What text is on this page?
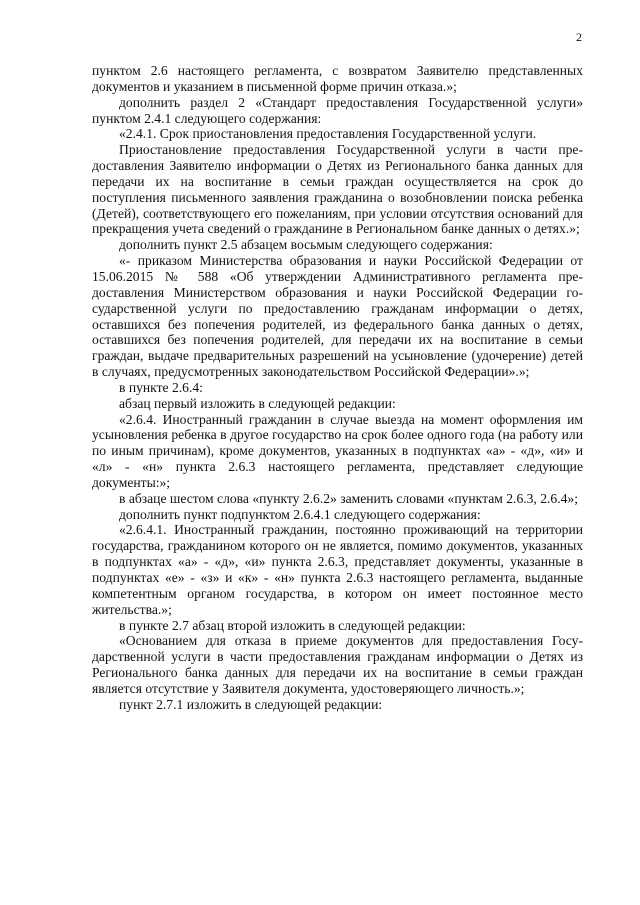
2

пунктом 2.6 настоящего регламента, с возвратом Заявителю представленных документов и указанием в письменной форме причин отказа.»;

дополнить раздел 2 «Стандарт предоставления Государственной услуги» пунктом 2.4.1 следующего содержания:

«2.4.1. Срок приостановления предоставления Государственной услуги.

Приостановление предоставления Государственной услуги в части предоставления Заявителю информации о Детях из Регионального банка данных для передачи их на воспитание в семьи граждан осуществляется на срок до поступления письменного заявления гражданина о возобновлении поиска ребенка (Детей), соответствующего его пожеланиям, при условии отсутствия оснований для прекращения учета сведений о гражданине в Региональном банке данных о детях.»;

дополнить пункт 2.5 абзацем восьмым следующего содержания:

«- приказом Министерства образования и науки Российской Федерации от 15.06.2015 № 588 «Об утверждении Административного регламента предоставления Министерством образования и науки Российской Федерации государственной услуги по предоставлению гражданам информации о детях, оставшихся без попечения родителей, из федерального банка данных о детях, оставшихся без попечения родителей, для передачи их на воспитание в семьи граждан, выдаче предварительных разрешений на усыновление (удочерение) детей в случаях, предусмотренных законодательством Российской Федерации».»;

в пункте 2.6.4:

абзац первый изложить в следующей редакции:

«2.6.4. Иностранный гражданин в случае выезда на момент оформления им усыновления ребенка в другое государство на срок более одного года (на работу или по иным причинам), кроме документов, указанных в подпунктах «а» - «д», «и» и «л» - «н» пункта 2.6.3 настоящего регламента, представляет следующие документы:»;

в абзаце шестом слова «пункту 2.6.2» заменить словами «пунктам 2.6.3, 2.6.4»;

дополнить пункт подпунктом 2.6.4.1 следующего содержания:

«2.6.4.1. Иностранный гражданин, постоянно проживающий на территории государства, гражданином которого он не является, помимо документов, указанных в подпунктах «а» - «д», «и» пункта 2.6.3, представляет документы, указанные в подпунктах «е» - «з» и «к» - «н» пункта 2.6.3 настоящего регламента, выданные компетентным органом государства, в котором он имеет постоянное место жительства.»;

в пункте 2.7 абзац второй изложить в следующей редакции:

«Основанием для отказа в приеме документов для предоставления Государственной услуги в части предоставления гражданам информации о Детях из Регионального банка данных для передачи их на воспитание в семьи граждан является отсутствие у Заявителя документа, удостоверяющего личность.»;

пункт 2.7.1 изложить в следующей редакции:
